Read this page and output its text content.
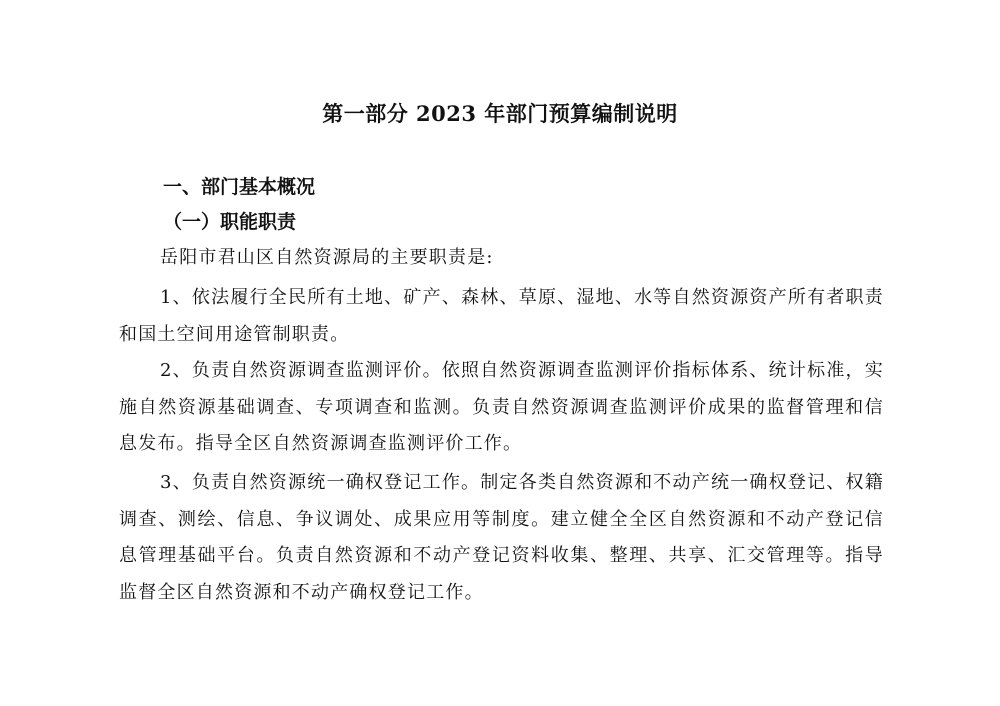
第一部分 2023 年部门预算编制说明
一、部门基本概况
（一）职能职责
岳阳市君山区自然资源局的主要职责是:
1、依法履行全民所有土地、矿产、森林、草原、湿地、水等自然资源资产所有者职责和国土空间用途管制职责。
2、负责自然资源调查监测评价。依照自然资源调查监测评价指标体系、统计标准，实施自然资源基础调查、专项调查和监测。负责自然资源调查监测评价成果的监督管理和信息发布。指导全区自然资源调查监测评价工作。
3、负责自然资源统一确权登记工作。制定各类自然资源和不动产统一确权登记、权籍调查、测绘、信息、争议调处、成果应用等制度。建立健全全区自然资源和不动产登记信息管理基础平台。负责自然资源和不动产登记资料收集、整理、共享、汇交管理等。指导监督全区自然资源和不动产确权登记工作。
